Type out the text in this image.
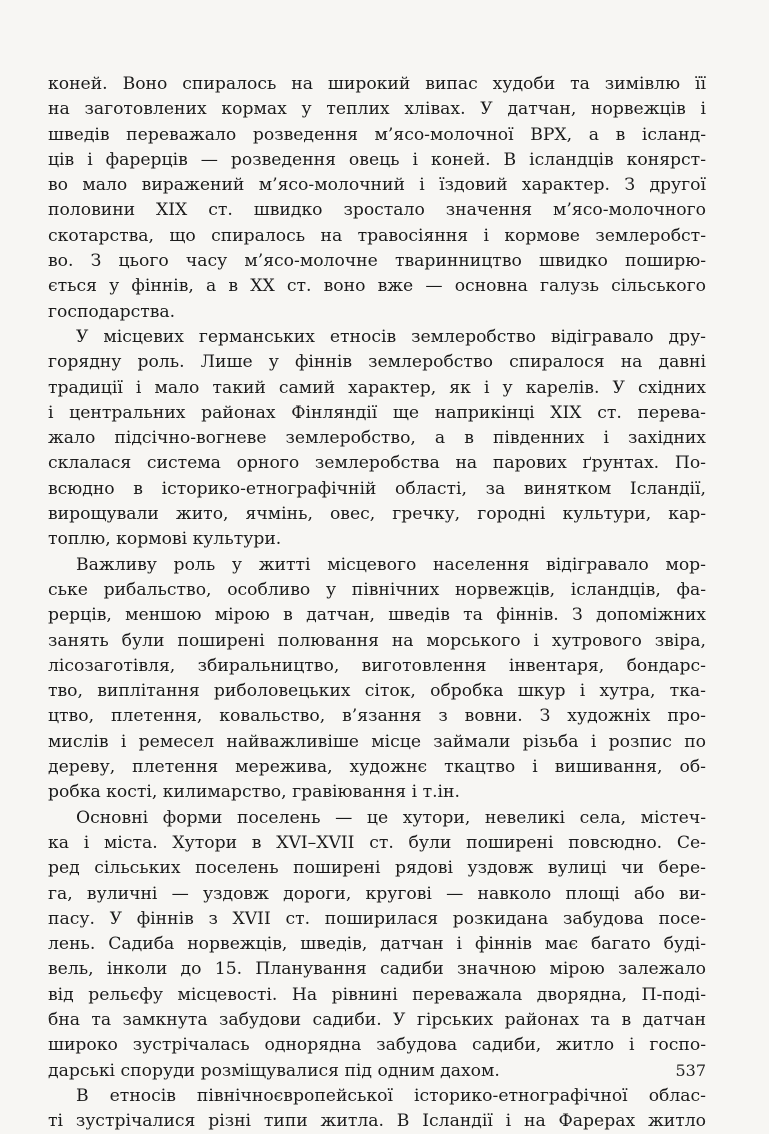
коней. Воно спиралось на широкий випас худоби та зимівлю її
на заготовлених кормах у теплих хлівах. У датчан, норвежців і
шведів переважало розведення м’ясо-молочної ВРХ, а в ісланд-
ців і фарерців — розведення овець і коней. В ісландців конярст-
во мало виражений м’ясо-молочний і їздовий характер. З другої
половини XIX ст. швидко зростало значення м’ясо-молочного
скотарства, що спиралось на травосіяння і кормове землеробст-
во. З цього часу м’ясо-молочне тваринництво швидко поширю-
ється у фіннів, а в XX ст. воно вже — основна галузь сільського
господарства.
У місцевих германських етносів землеробство відігравало дру-
горядну роль. Лише у фіннів землеробство спиралося на давні
традиції і мало такий самий характер, як і у карелів. У східних
і центральних районах Фінляндії ще наприкінці XIX ст. перева-
жало підсічно-вогневе землеробство, а в південних і західних
склалася система орного землеробства на парових ґрунтах. По-
всюдно в історико-етнографічній області, за винятком Ісландії,
вирощували жито, ячмінь, овес, гречку, городні культури, кар-
топлю, кормові культури.
Важливу роль у житті місцевого населення відігравало мор-
ське рибальство, особливо у північних норвежців, ісландців, фа-
рерців, меншою мірою в датчан, шведів та фіннів. З допоміжних
занять були поширені полювання на морського і хутрового звіра,
лісозаготівля, збиральництво, виготовлення інвентаря, бондарс-
тво, виплітання риболовецьких сіток, обробка шкур і хутра, тка-
цтво, плетення, ковальство, в’язання з вовни. З художніх про-
мислів і ремесел найважливіше місце займали різьба і розпис по
дереву, плетення мережива, художнє ткацтво і вишивання, об-
робка кості, килимарство, гравіювання і т.ін.
Основні форми поселень — це хутори, невеликі села, містеч-
ка і міста. Хутори в XVI–XVII ст. були поширені повсюдно. Се-
ред сільських поселень поширені рядові уздовж вулиці чи бере-
га, вуличні — уздовж дороги, кругові — навколо площі або ви-
пасу. У фіннів з XVII ст. поширилася розкидана забудова посе-
лень. Садиба норвежців, шведів, датчан і фіннів має багато буді-
вель, інколи до 15. Планування садиби значною мірою залежало
від рельєфу місцевості. На рівнині переважала дворядна, П-поді-
бна та замкнута забудови садиби. У гірських районах та в датчан
широко зустрічалась однорядна забудова садиби, житло і госпо-
дарські споруди розміщувалися під одним дахом.
В етносів північноєвропейської історико-етнографічної облас-
ті зустрічалися різні типи житла. В Ісландії і на Фарерах житло
537
